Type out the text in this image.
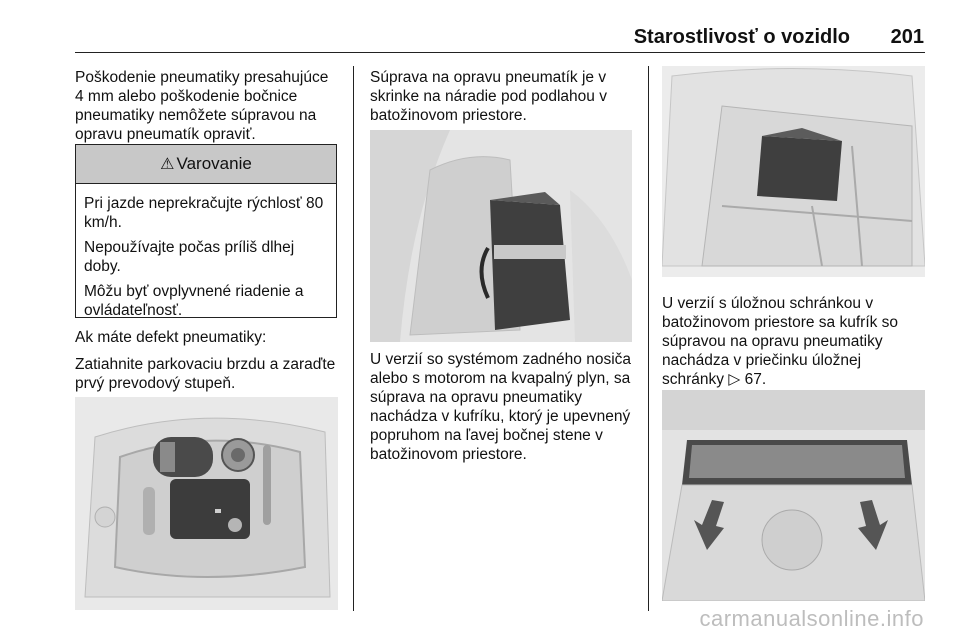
Starostlivosť o vozidlo 201

Poškodenie pneumatiky presahujúce 4 mm alebo poškodenie bočnice pneumatiky nemôžete súpravou na opravu pneumatík opraviť.

⚠ Varovanie

Pri jazde neprekračujte rýchlosť 80 km/h.

Nepoužívajte počas príliš dlhej doby.

Môžu byť ovplyvnené riadenie a ovládateľnosť.

Ak máte defekt pneumatiky:

Zatiahnite parkovaciu brzdu a zaraďte prvý prevodový stupeň.

Súprava na opravu pneumatík je v skrinke na náradie pod podlahou v batožinovom priestore.

U verzií so systémom zadného nosiča alebo s motorom na kvapalný plyn, sa súprava na opravu pneumatiky nachádza v kufríku, ktorý je upevnený popruhom na ľavej bočnej stene v batožinovom priestore.

U verzií s úložnou schránkou v batožinovom priestore sa kufrík so súpravou na opravu pneumatiky nachádza v priečinku úložnej schránky ▷ 67.

carmanualsonline.info
